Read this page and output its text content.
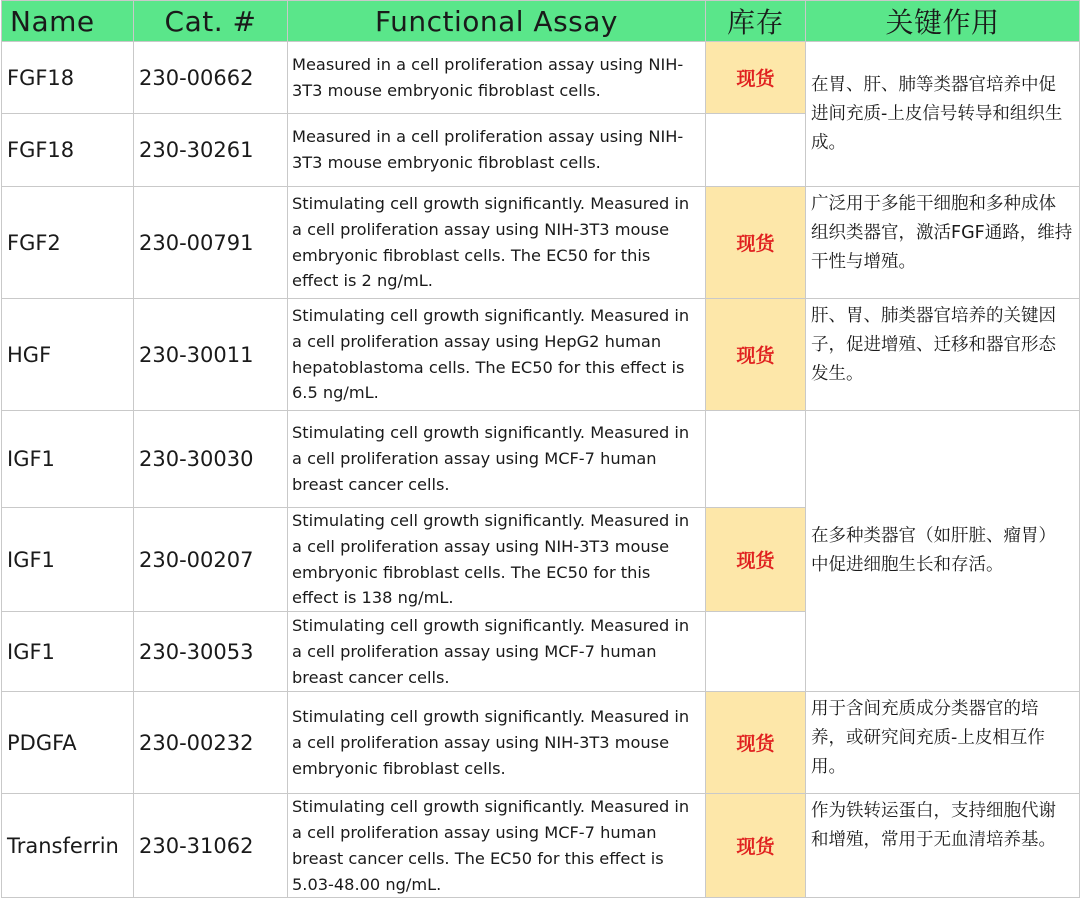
Name	Cat. #	Functional Assay	库存	关键作用
FGF18	230-00662	Measured in a cell proliferation assay using NIH-3T3 mouse embryonic fibroblast cells.	现货	在胃、肝、肺等类器官培养中促进间充质-上皮信号转导和组织生成。
FGF18	230-30261	Measured in a cell proliferation assay using NIH-3T3 mouse embryonic fibroblast cells.		
FGF2	230-00791	Stimulating cell growth significantly. Measured in a cell proliferation assay using NIH-3T3 mouse embryonic fibroblast cells. The EC50 for this effect is 2 ng/mL.	现货	广泛用于多能干细胞和多种成体组织类器官，激活FGF通路，维持干性与增殖。
HGF	230-30011	Stimulating cell growth significantly. Measured in a cell proliferation assay using HepG2 human hepatoblastoma cells. The EC50 for this effect is 6.5 ng/mL.	现货	肝、胃、肺类器官培养的关键因子，促进增殖、迁移和器官形态发生。
IGF1	230-30030	Stimulating cell growth significantly. Measured in a cell proliferation assay using MCF-7 human breast cancer cells.		在多种类器官（如肝脏、瘤胃）中促进细胞生长和存活。
IGF1	230-00207	Stimulating cell growth significantly. Measured in a cell proliferation assay using NIH-3T3 mouse embryonic fibroblast cells. The EC50 for this effect is 138 ng/mL.	现货	
IGF1	230-30053	Stimulating cell growth significantly. Measured in a cell proliferation assay using MCF-7 human breast cancer cells.		
PDGFA	230-00232	Stimulating cell growth significantly. Measured in a cell proliferation assay using NIH-3T3 mouse embryonic fibroblast cells.	现货	用于含间充质成分类器官的培养，或研究间充质-上皮相互作用。
Transferrin	230-31062	Stimulating cell growth significantly. Measured in a cell proliferation assay using MCF-7 human breast cancer cells. The EC50 for this effect is 5.03-48.00 ng/mL.	现货	作为铁转运蛋白，支持细胞代谢和增殖，常用于无血清培养基。
